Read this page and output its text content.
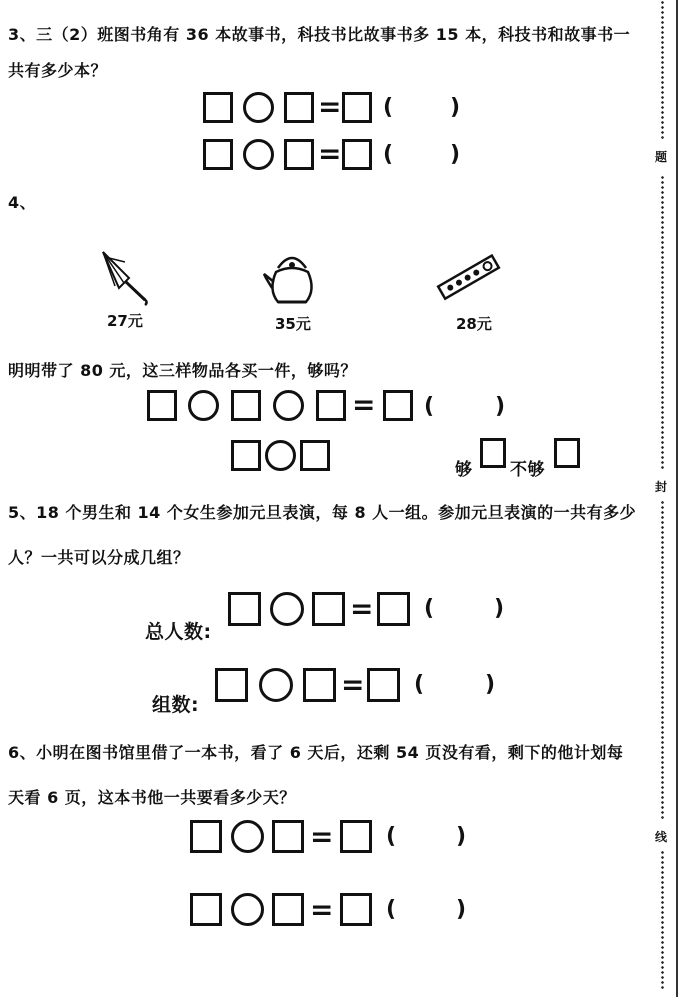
题
封
线
3、三（2）班图书角有 36 本故事书，科技书比故事书多 15 本，科技书和故事书一
共有多少本？
= (	)
= (	)
4、
27元	35元	28元
明明带了 80 元，这三样物品各买一件，够吗？
= (	)
够 不够
5、18 个男生和 14 个女生参加元旦表演，每 8 人一组。参加元旦表演的一共有多少
人？一共可以分成几组？
总人数:
= (	)
组数:
= (	)
6、小明在图书馆里借了一本书，看了 6 天后，还剩 54 页没有看，剩下的他计划每
天看 6 页，这本书他一共要看多少天？
= (	)
= (	)
